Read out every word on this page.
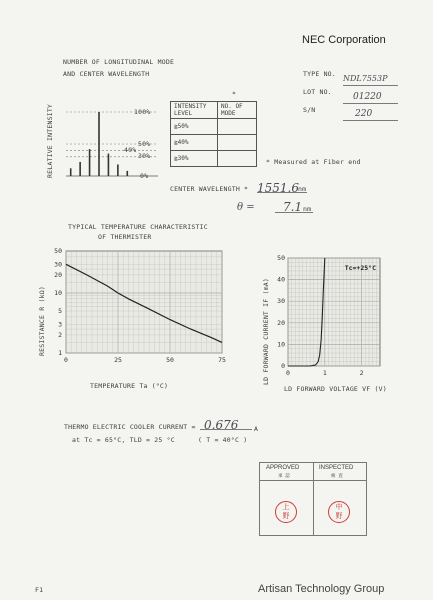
NEC Corporation
TYPE NO. NDL7553P
LOT NO.	01220
S/N	220
NUMBER OF LONGITUDINAL MODE
AND CENTER WAVELENGTH
RELATIVE INTENSITY	100%
50%
40%
30%
0%
*
INTENSITY LEVEL	NO. OF MODE
≧50%	
≧40%	
≧30%		* Measured at Fiber end
CENTER WAVELENGTH * 1551.6 nm
θ =	7.1 nm
TYPICAL TEMPERATURE CHARACTERISTIC
OF THERMISTER
RESISTANCE R (kΩ)
TEMPERATURE Ta (°C)
1
2
3
5
10
20
30
50
0	25	50	75	LD FORWARD CURRENT IF (mA)
LD FORWARD VOLTAGE VF (V)
0
10
20
30
40
50
0	1	2
Tc=+25°C
THERMO ELECTRIC COOLER CURRENT = 0.676	A
at Tc = 65°C, TLD = 25 °C	( T = 40°C )
APPROVED
承 認
INSPECTED
検 査
上
野
中
野
F1	Artisan Technology Group
